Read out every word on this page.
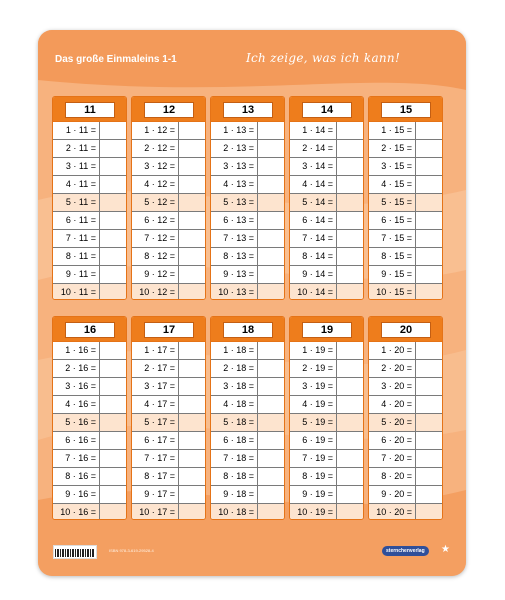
Das große Einmaleins 1-1	Ich zeige, was ich kann!
11
1 · 11 =
2 · 11 =
3 · 11 =
4 · 11 =
5 · 11 =
6 · 11 =
7 · 11 =
8 · 11 =
9 · 11 =
10 · 11 =
12
1 · 12 =
2 · 12 =
3 · 12 =
4 · 12 =
5 · 12 =
6 · 12 =
7 · 12 =
8 · 12 =
9 · 12 =
10 · 12 =
13
1 · 13 =
2 · 13 =
3 · 13 =
4 · 13 =
5 · 13 =
6 · 13 =
7 · 13 =
8 · 13 =
9 · 13 =
10 · 13 =
14
1 · 14 =
2 · 14 =
3 · 14 =
4 · 14 =
5 · 14 =
6 · 14 =
7 · 14 =
8 · 14 =
9 · 14 =
10 · 14 =
15
1 · 15 =
2 · 15 =
3 · 15 =
4 · 15 =
5 · 15 =
6 · 15 =
7 · 15 =
8 · 15 =
9 · 15 =
10 · 15 =
16
1 · 16 =
2 · 16 =
3 · 16 =
4 · 16 =
5 · 16 =
6 · 16 =
7 · 16 =
8 · 16 =
9 · 16 =
10 · 16 =
17
1 · 17 =
2 · 17 =
3 · 17 =
4 · 17 =
5 · 17 =
6 · 17 =
7 · 17 =
8 · 17 =
9 · 17 =
10 · 17 =
18
1 · 18 =
2 · 18 =
3 · 18 =
4 · 18 =
5 · 18 =
6 · 18 =
7 · 18 =
8 · 18 =
9 · 18 =
10 · 18 =
19
1 · 19 =
2 · 19 =
3 · 19 =
4 · 19 =
5 · 19 =
6 · 19 =
7 · 19 =
8 · 19 =
9 · 19 =
10 · 19 =
20
1 · 20 =
2 · 20 =
3 · 20 =
4 · 20 =
5 · 20 =
6 · 20 =
7 · 20 =
8 · 20 =
9 · 20 =
10 · 20 =
ISBN 978-3-619-29528-4	sternchenverlag	★
